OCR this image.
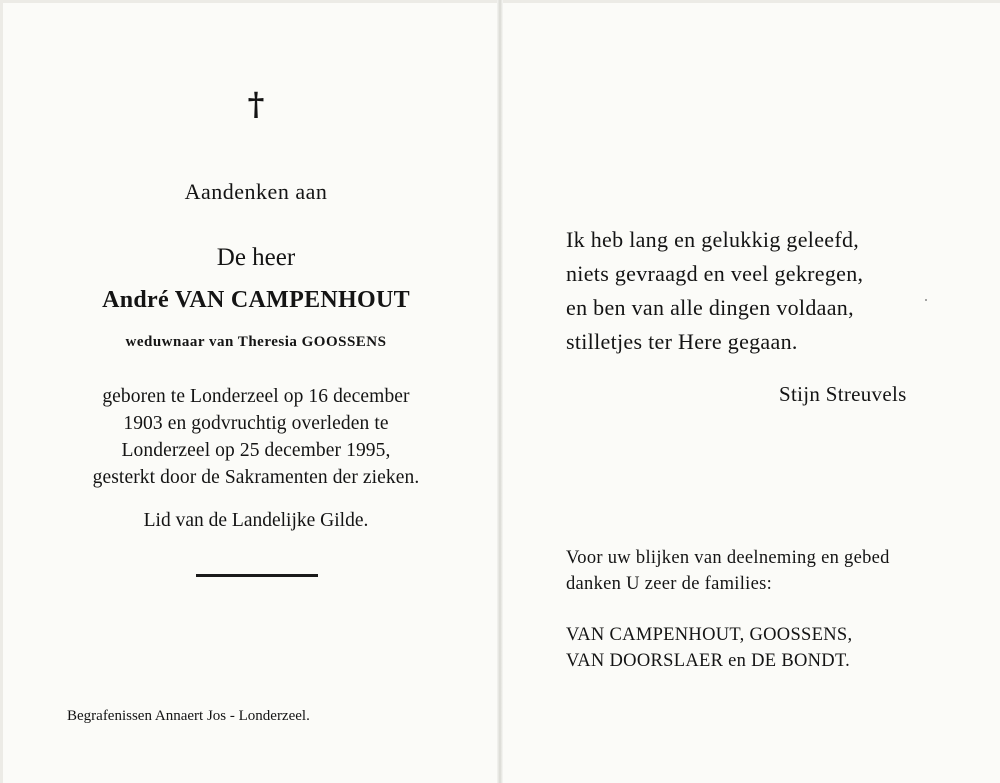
†
Aandenken aan
De heer
André VAN CAMPENHOUT
weduwnaar van Theresia GOOSSENS
geboren te Londerzeel op 16 december
1903 en godvruchtig overleden te
Londerzeel op 25 december 1995,
gesterkt door de Sakramenten der zieken.
Lid van de Landelijke Gilde.
Begrafenissen Annaert Jos - Londerzeel.
Ik heb lang en gelukkig geleefd,
niets gevraagd en veel gekregen,
en ben van alle dingen voldaan,
stilletjes ter Here gegaan.
Stijn Streuvels
Voor uw blijken van deelneming en gebed
danken U zeer de families:
VAN CAMPENHOUT, GOOSSENS,
VAN DOORSLAER en DE BONDT.
